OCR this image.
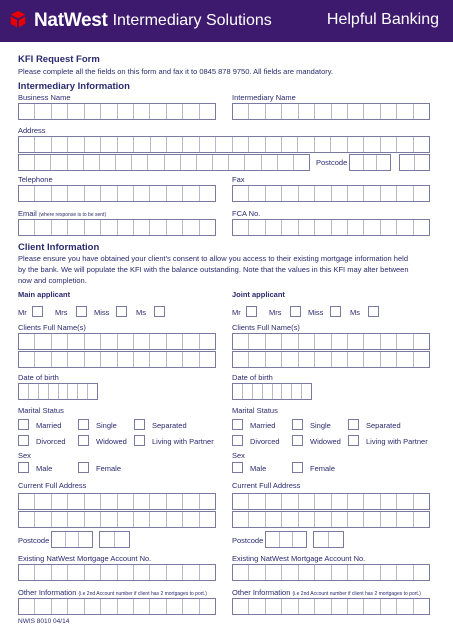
NatWest Intermediary Solutions	Helpful Banking
KFI Request Form
Please complete all the fields on this form and fax it to 0845 878 9750. All fields are mandatory.
Intermediary Information
Business Name	Intermediary Name
Address
Postcode
Telephone	Fax
Email (where response is to be sent)	FCA No.
Client Information
Please ensure you have obtained your client's consent to allow you access to their existing mortgage information held
by the bank. We will populate the KFI with the balance outstanding. Note that the values in this KFI may alter between
now and completion.
Main applicant
Mr	Mrs	Miss	Ms
Clients Full Name(s)
Date of birth
Marital Status
Married	Single	Separated
Divorced	Widowed	Living with Partner
Sex
Male	Female
Current Full Address
Postcode
Existing NatWest Mortgage Account No.
Other Information (i.e 2nd Account number if client has 2 mortgages to port.)
Joint applicant
Mr	Mrs	Miss	Ms
Clients Full Name(s)
Date of birth
Marital Status
Married	Single	Separated
Divorced	Widowed	Living with Partner
Sex
Male	Female
Current Full Address
Postcode
Existing NatWest Mortgage Account No.
Other Information (i.e 2nd Account number if client has 2 mortgages to port.)
NWIS 8010 04/14
